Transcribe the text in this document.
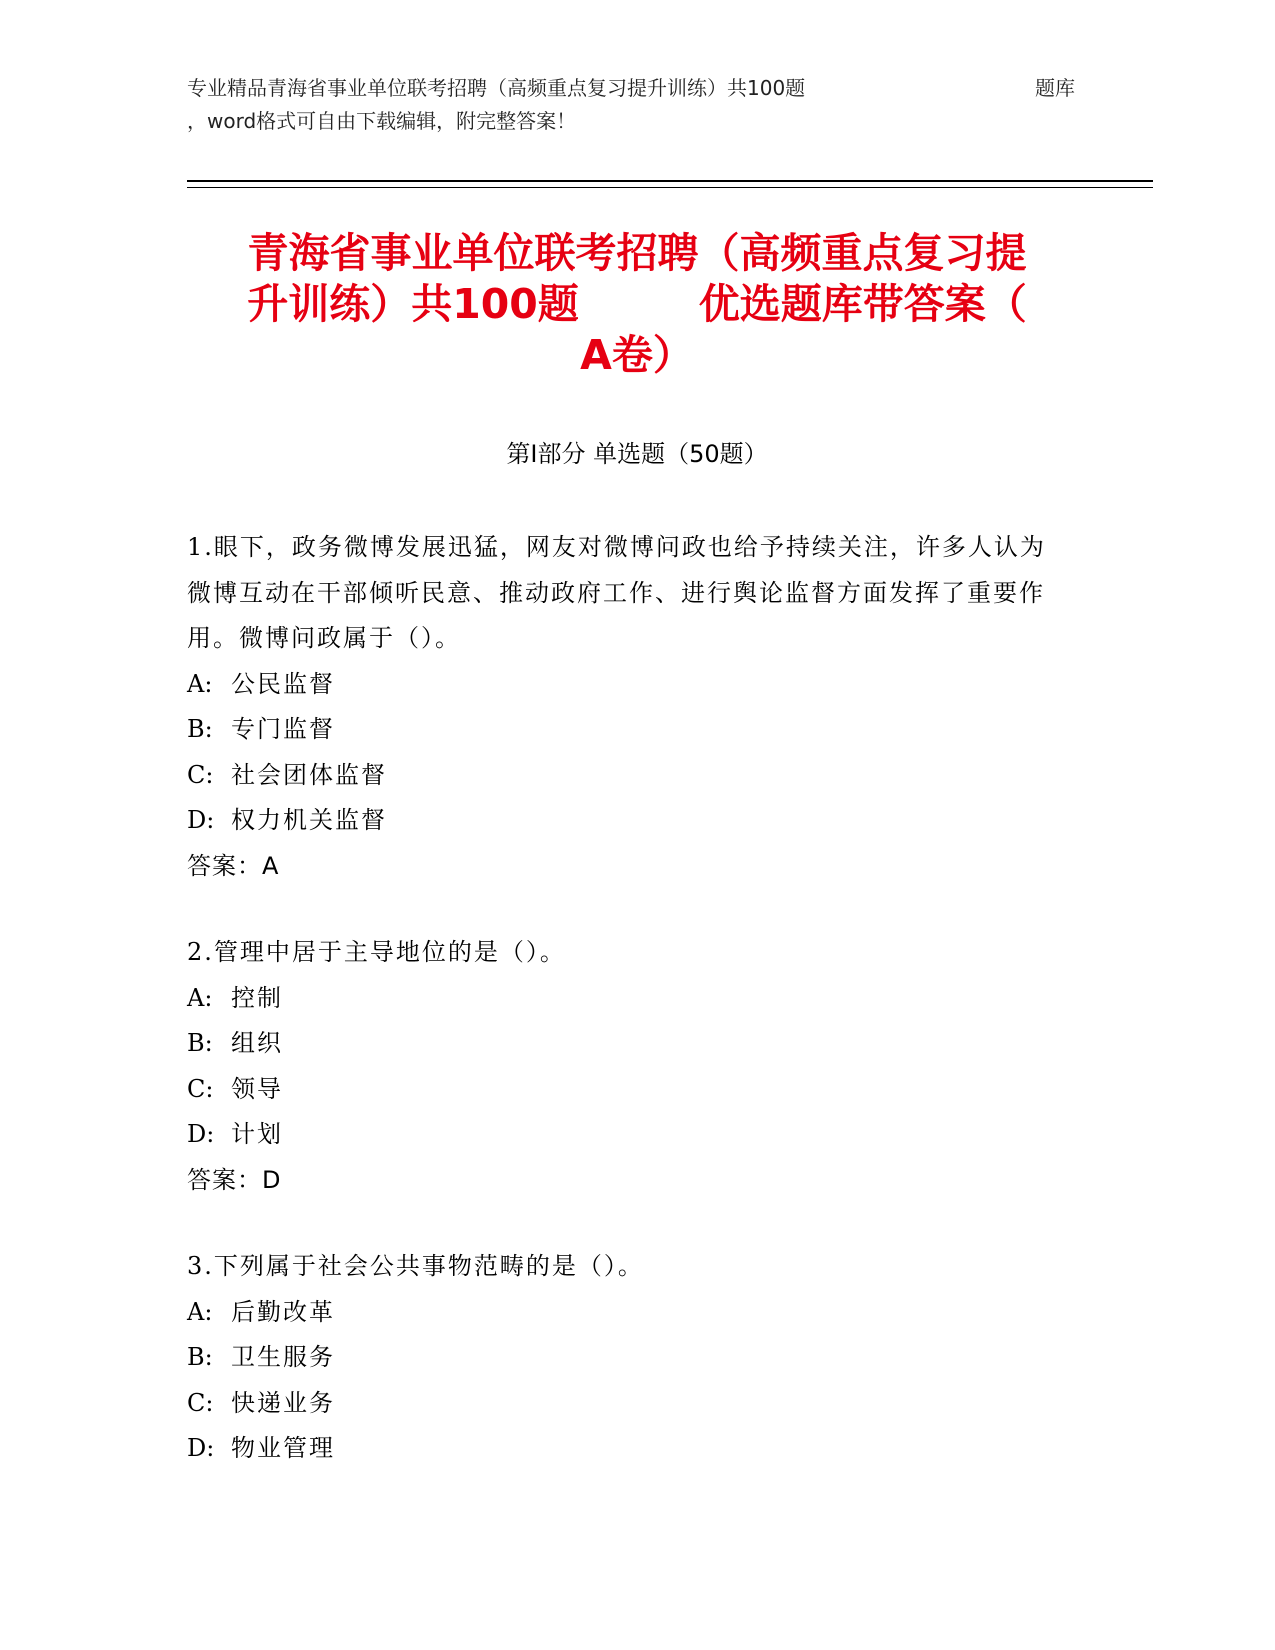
专业精品青海省事业单位联考招聘（高频重点复习提升训练）共100题	题库
，word格式可自由下载编辑，附完整答案！
青海省事业单位联考招聘（高频重点复习提
升训练）共100题	优选题库带答案（
A卷）
第Ⅰ部分 单选题（50题）
1.眼下，政务微博发展迅猛，网友对微博问政也给予持续关注，许多人认为微博互动在干部倾听民意、推动政府工作、进行舆论监督方面发挥了重要作用。微博问政属于（）。
A: 公民监督
B: 专门监督
C: 社会团体监督
D: 权力机关监督
答案：A
2.管理中居于主导地位的是（）。
A: 控制
B: 组织
C: 领导
D: 计划
答案：D
3.下列属于社会公共事物范畴的是（）。
A: 后勤改革
B: 卫生服务
C: 快递业务
D: 物业管理
